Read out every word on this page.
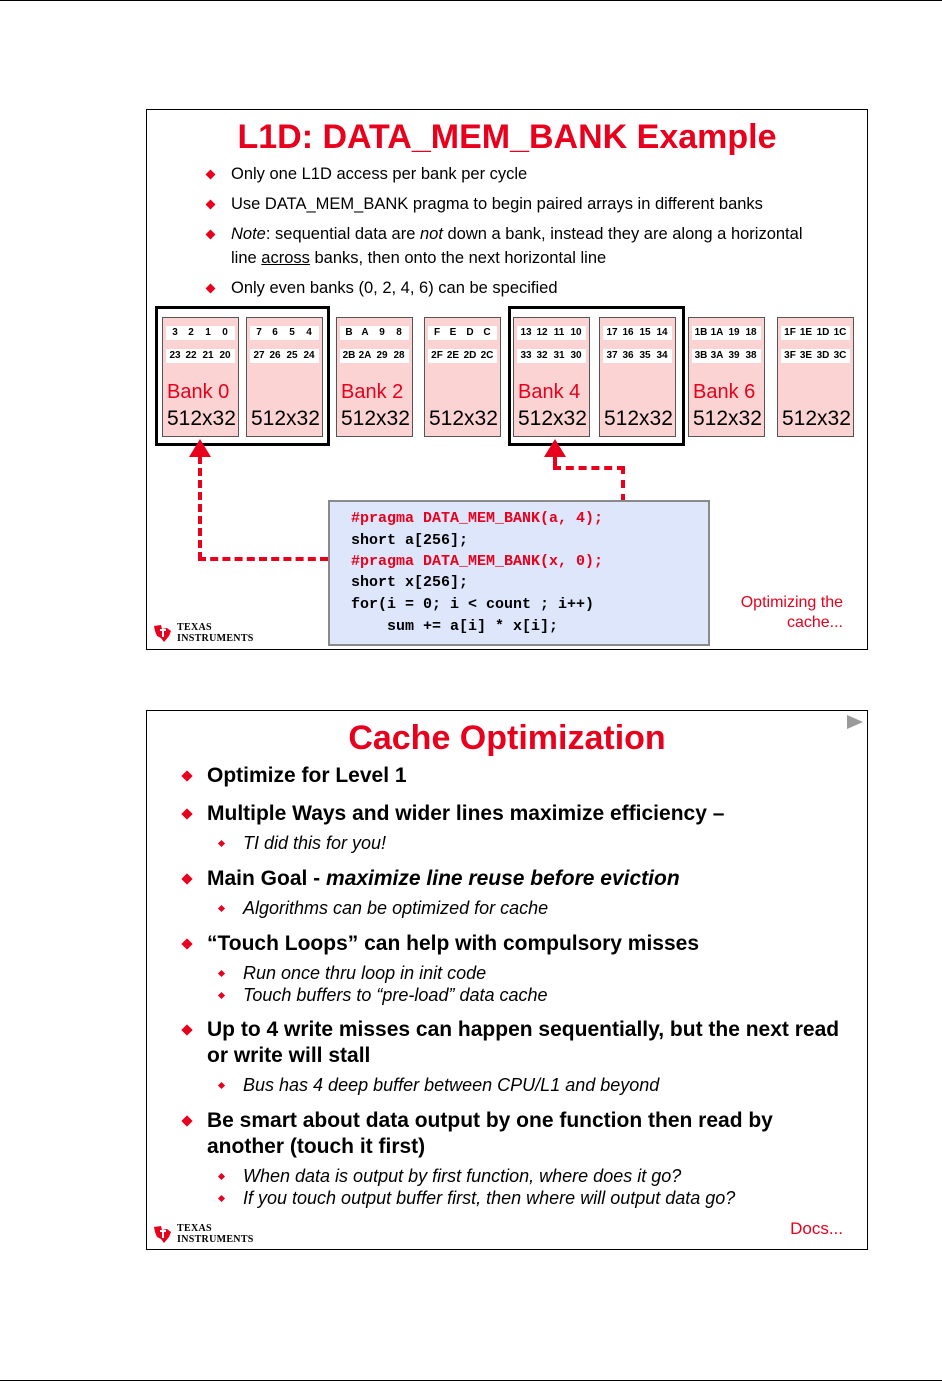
L1D: DATA_MEM_BANK Example
Only one L1D access per bank per cycle
Use DATA_MEM_BANK pragma to begin paired arrays in different banks
Note: sequential data are not down a bank, instead they are along a horizontal line across banks, then onto the next horizontal line
Only even banks (0, 2, 4, 6) can be specified
3	2	1	0
23 22 21 20
Bank 0
512x32
7	6	5	4
27 26 25 24
512x32
B A	9	8
2B 2A 29 28
Bank 2
512x32
F E	D C
2F 2E 2D 2C
512x32
13 12 11 10
33 32 31 30
Bank 4
512x32
17 16 15 14
37 36 35 34
512x32
1B 1A 19 18
3B 3A 39 38
Bank 6
512x32
1F 1E 1D 1C
3F 3E 3D 3C
512x32
#pragma DATA_MEM_BANK(a, 4);
short a[256];
#pragma DATA_MEM_BANK(x, 0);
short x[256];
for(i = 0; i < count ; i++)
sum += a[i] * x[i];
Optimizing the
cache...
TEXAS
INSTRUMENTS
Cache Optimization
Optimize for Level 1
Multiple Ways and wider lines maximize efficiency –
TI did this for you!
Main Goal - maximize line reuse before eviction
Algorithms can be optimized for cache
“Touch Loops” can help with compulsory misses
Run once thru loop in init code
Touch buffers to “pre-load” data cache
Up to 4 write misses can happen sequentially, but the next read or write will stall
Bus has 4 deep buffer between CPU/L1 and beyond
Be smart about data output by one function then read by another (touch it first)
When data is output by first function, where does it go?
If you touch output buffer first, then where will output data go?
Docs...
TEXAS
INSTRUMENTS
